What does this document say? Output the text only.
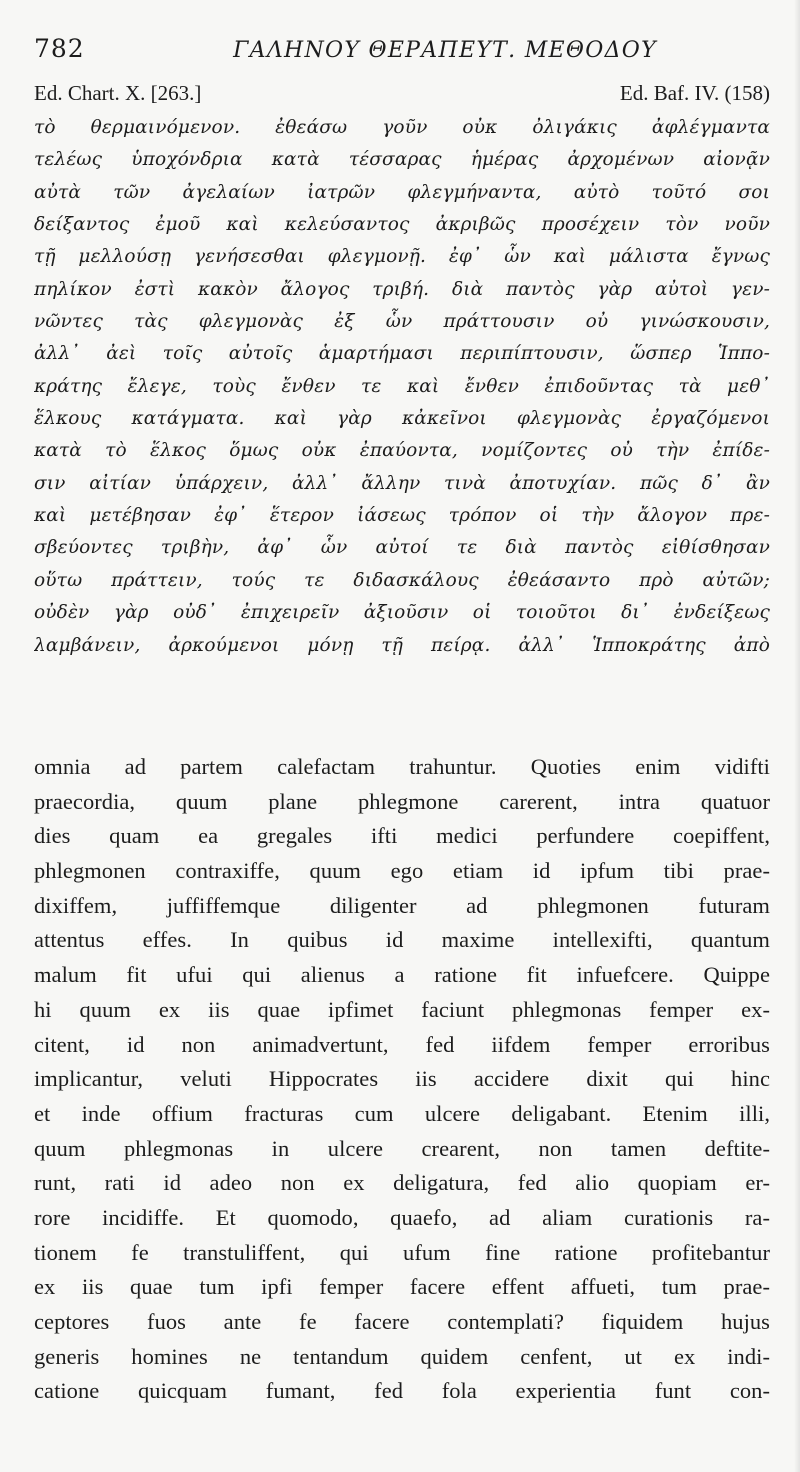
782	ΓΑΛΗΝΟΥ ΘΕΡΑΠΕΥΤ. ΜΕΘΟΔΟΥ
Ed. Chart. X. [263.]	Ed. Baf. IV. (158)
τὸ θερμαινόμενον. ἐθεάσω γοῦν οὐκ ὀλιγάκις ἀφλέγμαντα
τελέως ὑποχόνδρια κατὰ τέσσαρας ἡμέρας ἀρχομένων αἰονᾷν
αὐτὰ τῶν ἀγελαίων ἰατρῶν φλεγμήναντα, αὐτὸ τοῦτό σοι
δείξαντος ἐμοῦ καὶ κελεύσαντος ἀκριβῶς προσέχειν τὸν νοῦν
τῇ μελλούσῃ γενήσεσθαι φλεγμονῇ. ἐφ᾽ ὧν καὶ μάλιστα ἔγνως
πηλίκον ἐστὶ κακὸν ἄλογος τριβή. διὰ παντὸς γὰρ αὐτοὶ γεν-
νῶντες τὰς φλεγμονὰς ἐξ ὧν πράττουσιν οὐ γινώσκουσιν,
ἀλλ᾽ ἀεὶ τοῖς αὐτοῖς ἁμαρτήμασι περιπίπτουσιν, ὥσπερ Ἱππο-
κράτης ἔλεγε, τοὺς ἔνθεν τε καὶ ἔνθεν ἐπιδοῦντας τὰ μεθ᾽
ἕλκους κατάγματα. καὶ γὰρ κἀκεῖνοι φλεγμονὰς ἐργαζόμενοι
κατὰ τὸ ἕλκος ὅμως οὐκ ἐπαύοντα, νομίζοντες οὐ τὴν ἐπίδε-
σιν αἰτίαν ὑπάρχειν, ἀλλ᾽ ἄλλην τινὰ ἀποτυχίαν. πῶς δ᾽ ἂν
καὶ μετέβησαν ἐφ᾽ ἕτερον ἰάσεως τρόπον οἱ τὴν ἄλογον πρε-
σβεύοντες τριβὴν, ἀφ᾽ ὧν αὐτοί τε διὰ παντὸς εἰθίσθησαν
οὕτω πράττειν, τούς τε διδασκάλους ἐθεάσαντο πρὸ αὐτῶν;
οὐδὲν γὰρ οὐδ᾽ ἐπιχειρεῖν ἀξιοῦσιν οἱ τοιοῦτοι δι᾽ ἐνδείξεως
λαμβάνειν, ἀρκούμενοι μόνῃ τῇ πείρᾳ. ἀλλ᾽ Ἱπποκράτης ἀπὸ
omnia ad partem calefactam trahuntur. Quoties enim vidifti
praecordia, quum plane phlegmone carerent, intra quatuor
dies quam ea gregales ifti medici perfundere coepiffent,
phlegmonen contraxiffe, quum ego etiam id ipfum tibi prae-
dixiffem, juffiffemque diligenter ad phlegmonen futuram
attentus effes. In quibus id maxime intellexifti, quantum
malum fit ufui qui alienus a ratione fit infuefcere. Quippe
hi quum ex iis quae ipfimet faciunt phlegmonas femper ex-
citent, id non animadvertunt, fed iifdem femper erroribus
implicantur, veluti Hippocrates iis accidere dixit qui hinc
et inde offium fracturas cum ulcere deligabant. Etenim illi,
quum phlegmonas in ulcere crearent, non tamen deftite-
runt, rati id adeo non ex deligatura, fed alio quopiam er-
rore incidiffe. Et quomodo, quaefo, ad aliam curationis ra-
tionem fe transtuliffent, qui ufum fine ratione profitebantur
ex iis quae tum ipfi femper facere effent affueti, tum prae-
ceptores fuos ante fe facere contemplati? fiquidem hujus
generis homines ne tentandum quidem cenfent, ut ex indi-
catione quicquam fumant, fed fola experientia funt con-
